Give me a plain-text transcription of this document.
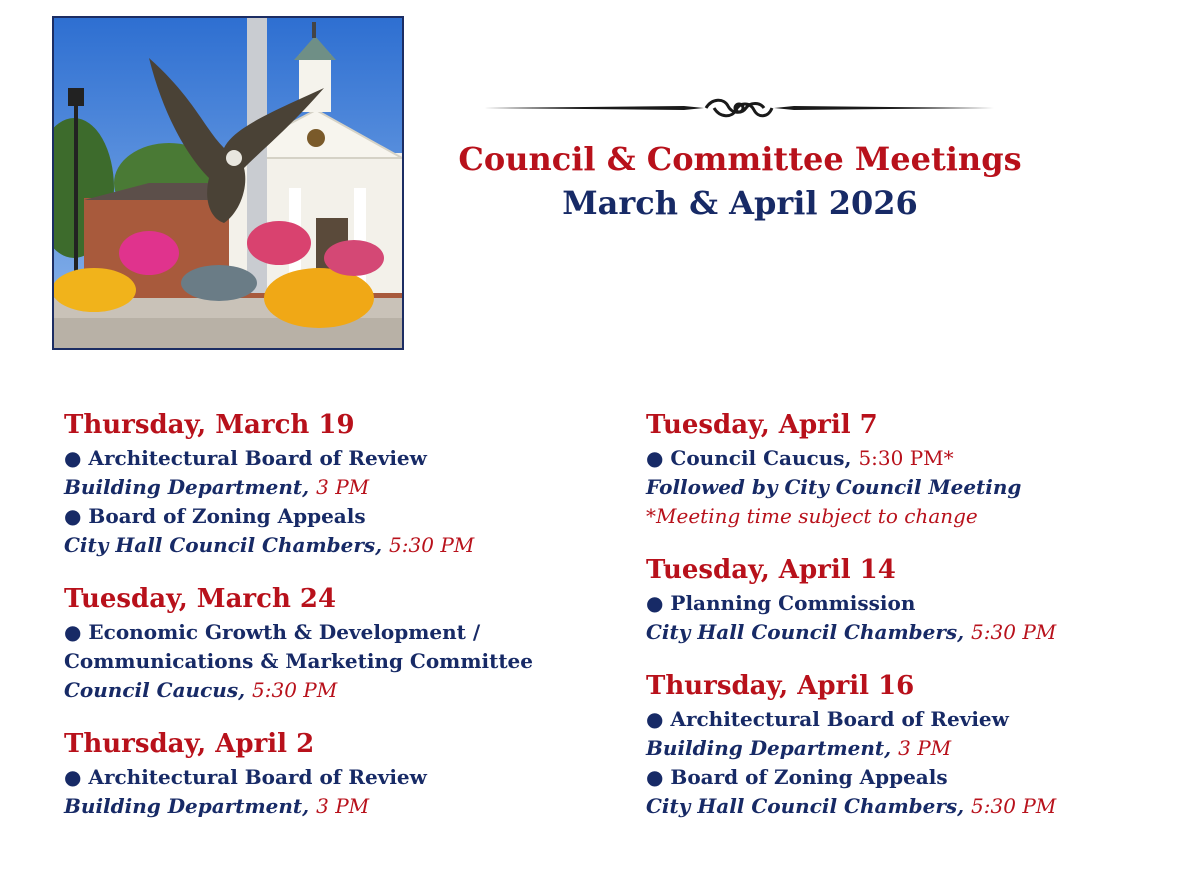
Council & Committee Meetings
March & April 2026
Thursday, March 19
● Architectural Board of Review
Building Department, 3 PM
● Board of Zoning Appeals
City Hall Council Chambers, 5:30 PM
Tuesday, March 24
● Economic Growth & Development /
Communications & Marketing Committee
Council Caucus, 5:30 PM
Thursday, April 2
● Architectural Board of Review
Building Department, 3 PM
Tuesday, April 7
● Council Caucus, 5:30 PM*
Followed by City Council Meeting
*Meeting time subject to change
Tuesday, April 14
● Planning Commission
City Hall Council Chambers, 5:30 PM
Thursday, April 16
● Architectural Board of Review
Building Department, 3 PM
● Board of Zoning Appeals
City Hall Council Chambers, 5:30 PM
